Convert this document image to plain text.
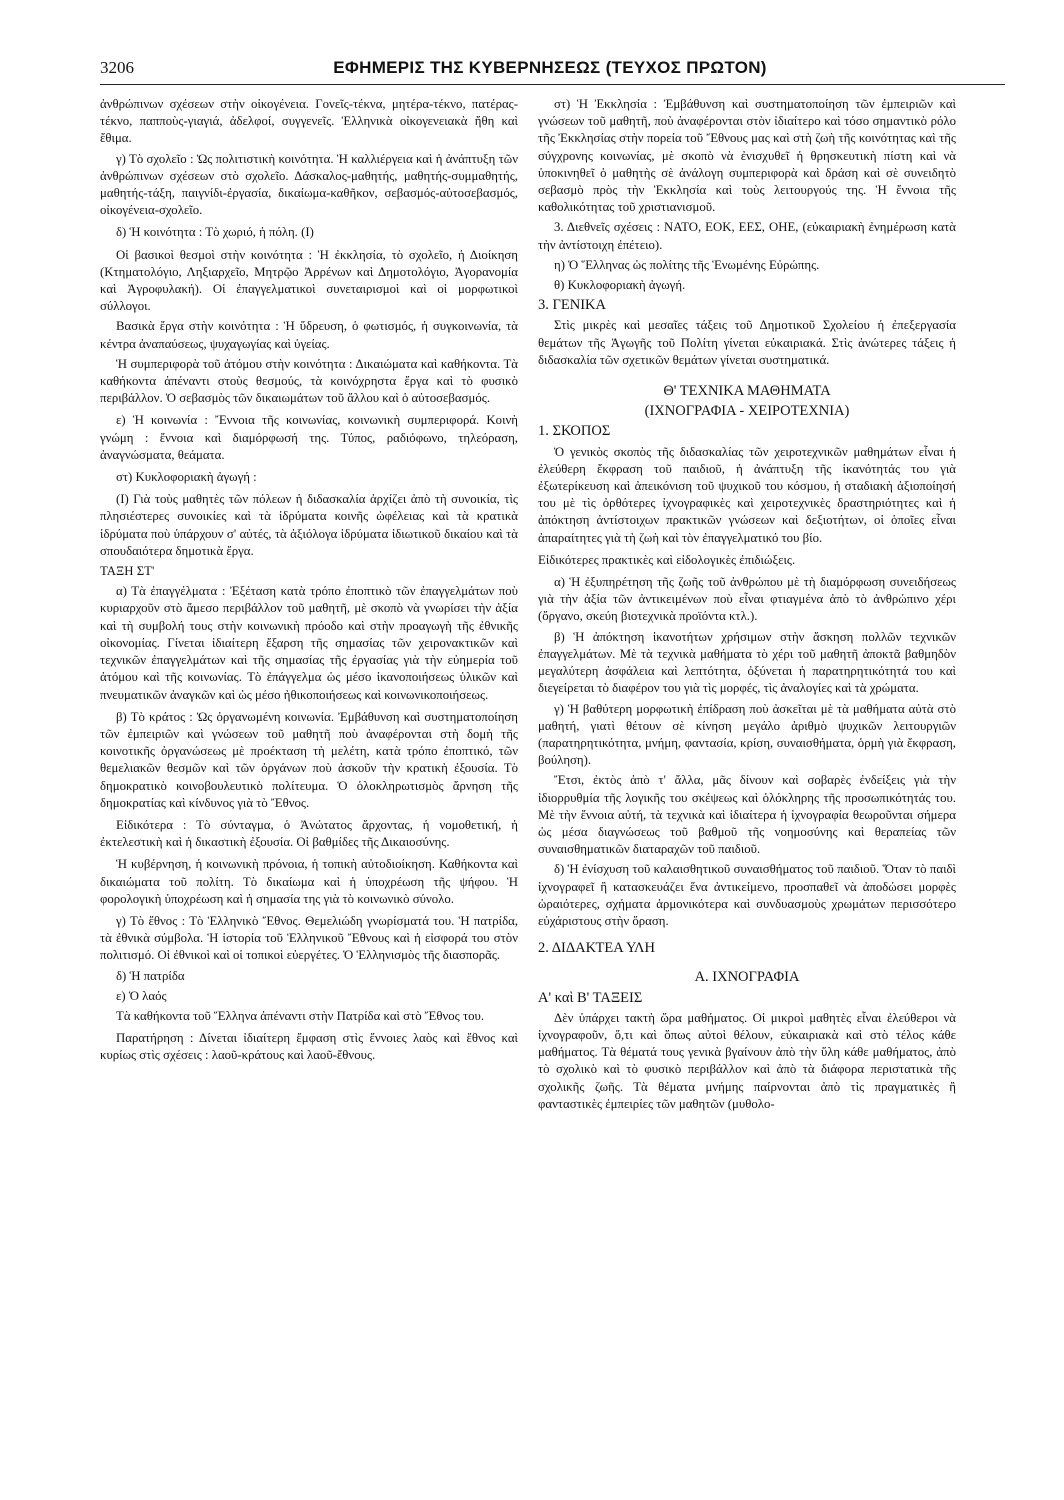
3206	ΕΦΗΜΕΡΙΣ ΤΗΣ ΚΥΒΕΡΝΗΣΕΩΣ (ΤΕΥΧΟΣ ΠΡΩΤΟΝ)

ἀνθρώπινων σχέσεων στὴν οἰκογένεια. Γονεῖς-τέκνα, μητέρα-τέκνο, πατέρας-τέκνο, παπποὺς-γιαγιά, ἀδελφοί, συγγενεῖς. Ἑλληνικὰ οἰκογενειακὰ ἤθη καὶ ἔθιμα.

γ) Τὸ σχολεῖο : Ὡς πολιτιστικὴ κοινότητα. Ἡ καλλιέργεια καὶ ἡ ἀνάπτυξη τῶν ἀνθρώπινων σχέσεων στὸ σχολεῖο. Δάσκαλος-μαθητής, μαθητής-συμμαθητής, μαθητής-τάξη, παιγνίδι-ἐργασία, δικαίωμα-καθῆκον, σεβασμός-αὐτοσεβασμός, οἰκογένεια-σχολεῖο.

δ) Ἡ κοινότητα : Τὸ χωριό, ἡ πόλη. (Ι)

Οἱ βασικοὶ θεσμοὶ στὴν κοινότητα : Ἡ ἐκκλησία, τὸ σχολεῖο, ἡ Διοίκηση (Κτηματολόγιο, Ληξιαρχεῖο, Μητρῷο Ἀρρένων καὶ Δημοτολόγιο, Ἀγορανομία καὶ Ἀγροφυλακή). Οἱ ἐπαγγελματικοὶ συνεταιρισμοὶ καὶ οἱ μορφωτικοὶ σύλλογοι.

Βασικὰ ἔργα στὴν κοινότητα : Ἡ ὕδρευση, ὁ φωτισμός, ἡ συγκοινωνία, τὰ κέντρα ἀναπαύσεως, ψυχαγωγίας καὶ ὑγείας.

Ἡ συμπεριφορὰ τοῦ ἀτόμου στὴν κοινότητα : Δικαιώματα καὶ καθήκοντα. Τὰ καθήκοντα ἀπέναντι στοὺς θεσμούς, τὰ κοινόχρηστα ἔργα καὶ τὸ φυσικὸ περιβάλλον. Ὁ σεβασμὸς τῶν δικαιωμάτων τοῦ ἄλλου καὶ ὁ αὐτοσεβασμός.

ε) Ἡ κοινωνία : Ἔννοια τῆς κοινωνίας, κοινωνικὴ συμπεριφορά. Κοινὴ γνώμη : ἔννοια καὶ διαμόρφωσή της. Τύπος, ραδιόφωνο, τηλεόραση, ἀναγνώσματα, θεάματα.

στ) Κυκλοφοριακὴ ἀγωγή :

(Ι) Γιὰ τοὺς μαθητὲς τῶν πόλεων ἡ διδασκαλία ἀρχίζει ἀπὸ τὴ συνοικία, τὶς πλησιέστερες συνοικίες καὶ τὰ ἱδρύματα κοινῆς ὠφέλειας καὶ τὰ κρατικὰ ἱδρύματα ποὺ ὑπάρχουν σ' αὐτές, τὰ ἀξιόλογα ἱδρύματα ἰδιωτικοῦ δικαίου καὶ τὰ σπουδαιότερα δημοτικὰ ἔργα.

ΤΑΞΗ ΣΤ'

α) Τὰ ἐπαγγέλματα : Ἐξέταση κατὰ τρόπο ἐποπτικὸ τῶν ἐπαγγελμάτων ποὺ κυριαρχοῦν στὸ ἄμεσο περιβάλλον τοῦ μαθητῆ, μὲ σκοπὸ νὰ γνωρίσει τὴν ἀξία καὶ τὴ συμβολή τους στὴν κοινωνικὴ πρόοδο καὶ στὴν προαγωγὴ τῆς ἐθνικῆς οἰκονομίας. Γίνεται ἰδιαίτερη ἔξαρση τῆς σημασίας τῶν χειρονακτικῶν καὶ τεχνικῶν ἐπαγγελμάτων καὶ τῆς σημασίας τῆς ἐργασίας γιὰ τὴν εὐημερία τοῦ ἀτόμου καὶ τῆς κοινωνίας. Τὸ ἐπάγγελμα ὡς μέσο ἱκανοποιήσεως ὑλικῶν καὶ πνευματικῶν ἀναγκῶν καὶ ὡς μέσο ἠθικοποιήσεως καὶ κοινωνικοποιήσεως.

β) Τὸ κράτος : Ὡς ὀργανωμένη κοινωνία. Ἐμβάθυνση καὶ συστηματοποίηση τῶν ἐμπειριῶν καὶ γνώσεων τοῦ μαθητῆ ποὺ ἀναφέρονται στὴ δομὴ τῆς κοινοτικῆς ὀργανώσεως μὲ προέκταση τὴ μελέτη, κατὰ τρόπο ἐποπτικό, τῶν θεμελιακῶν θεσμῶν καὶ τῶν ὀργάνων ποὺ ἀσκοῦν τὴν κρατικὴ ἐξουσία. Τὸ δημοκρατικὸ κοινοβουλευτικὸ πολίτευμα. Ὁ ὁλοκληρωτισμὸς ἄρνηση τῆς δημοκρατίας καὶ κίνδυνος γιὰ τὸ Ἔθνος.

Εἰδικότερα : Τὸ σύνταγμα, ὁ Ἀνώτατος ἄρχοντας, ἡ νομοθετική, ἡ ἐκτελεστικὴ καὶ ἡ δικαστικὴ ἐξουσία. Οἱ βαθμίδες τῆς Δικαιοσύνης.

Ἡ κυβέρνηση, ἡ κοινωνικὴ πρόνοια, ἡ τοπικὴ αὐτοδιοίκηση. Καθήκοντα καὶ δικαιώματα τοῦ πολίτη. Τὸ δικαίωμα καὶ ἡ ὑποχρέωση τῆς ψήφου. Ἡ φορολογικὴ ὑποχρέωση καὶ ἡ σημασία της γιὰ τὸ κοινωνικὸ σύνολο.

γ) Τὸ ἔθνος : Τὸ Ἑλληνικὸ Ἔθνος. Θεμελιώδη γνωρίσματά του. Ἡ πατρίδα, τὰ ἐθνικὰ σύμβολα. Ἡ ἱστορία τοῦ Ἑλληνικοῦ Ἔθνους καὶ ἡ εἰσφορά του στὸν πολιτισμό. Οἱ ἐθνικοὶ καὶ οἱ τοπικοὶ εὐεργέτες. Ὁ Ἑλληνισμὸς τῆς διασπορᾶς.

δ) Ἡ πατρίδα

ε) Ὁ λαός

Τὰ καθήκοντα τοῦ Ἕλληνα ἀπέναντι στὴν Πατρίδα καὶ στὸ Ἔθνος του.

Παρατήρηση : Δίνεται ἰδιαίτερη ἔμφαση στὶς ἔννοιες λαὸς καὶ ἔθνος καὶ κυρίως στὶς σχέσεις : λαοῦ-κράτους καὶ λαοῦ-ἔθνους.

στ) Ἡ Ἐκκλησία : Ἐμβάθυνση καὶ συστηματοποίηση τῶν ἐμπειριῶν καὶ γνώσεων τοῦ μαθητῆ, ποὺ ἀναφέρονται στὸν ἰδιαίτερο καὶ τόσο σημαντικὸ ρόλο τῆς Ἐκκλησίας στὴν πορεία τοῦ Ἔθνους μας καὶ στὴ ζωὴ τῆς κοινότητας καὶ τῆς σύγχρονης κοινωνίας, μὲ σκοπὸ νὰ ἐνισχυθεῖ ἡ θρησκευτικὴ πίστη καὶ νὰ ὑποκινηθεῖ ὁ μαθητὴς σὲ ἀνάλογη συμπεριφορὰ καὶ δράση καὶ σὲ συνειδητὸ σεβασμὸ πρὸς τὴν Ἐκκλησία καὶ τοὺς λειτουργούς της. Ἡ ἔννοια τῆς καθολικότητας τοῦ χριστιανισμοῦ.

3. Διεθνεῖς σχέσεις : ΝΑΤΟ, ΕΟΚ, ΕΕΣ, ΟΗΕ, (εὐκαιριακὴ ἐνημέρωση κατὰ τὴν ἀντίστοιχη ἐπέτειο).

η) Ὁ Ἕλληνας ὡς πολίτης τῆς Ἑνωμένης Εὐρώπης.

θ) Κυκλοφοριακὴ ἀγωγή.

3. ΓΕΝΙΚΑ

Στὶς μικρὲς καὶ μεσαῖες τάξεις τοῦ Δημοτικοῦ Σχολείου ἡ ἐπεξεργασία θεμάτων τῆς Ἀγωγῆς τοῦ Πολίτη γίνεται εὐκαιριακά. Στὶς ἀνώτερες τάξεις ἡ διδασκαλία τῶν σχετικῶν θεμάτων γίνεται συστηματικά.

Θ' ΤΕΧΝΙΚΑ ΜΑΘΗΜΑΤΑ

(ΙΧΝΟΓΡΑΦΙΑ - ΧΕΙΡΟΤΕΧΝΙΑ)

1. ΣΚΟΠΟΣ

Ὁ γενικὸς σκοπὸς τῆς διδασκαλίας τῶν χειροτεχνικῶν μαθημάτων εἶναι ἡ ἐλεύθερη ἔκφραση τοῦ παιδιοῦ, ἡ ἀνάπτυξη τῆς ἱκανότητάς του γιὰ ἐξωτερίκευση καὶ ἀπεικόνιση τοῦ ψυχικοῦ του κόσμου, ἡ σταδιακὴ ἀξιοποίησή του μὲ τὶς ὀρθότερες ἰχνογραφικὲς καὶ χειροτεχνικὲς δραστηριότητες καὶ ἡ ἀπόκτηση ἀντίστοιχων πρακτικῶν γνώσεων καὶ δεξιοτήτων, οἱ ὁποῖες εἶναι ἀπαραίτητες γιὰ τὴ ζωὴ καὶ τὸν ἐπαγγελματικό του βίο.

Εἰδικότερες πρακτικὲς καὶ εἰδολογικὲς ἐπιδιώξεις.

α) Ἡ ἐξυπηρέτηση τῆς ζωῆς τοῦ ἀνθρώπου μὲ τὴ διαμόρφωση συνειδήσεως γιὰ τὴν ἀξία τῶν ἀντικειμένων ποὺ εἶναι φτιαγμένα ἀπὸ τὸ ἀνθρώπινο χέρι (ὄργανο, σκεύη βιοτεχνικὰ προϊόντα κτλ.).

β) Ἡ ἀπόκτηση ἱκανοτήτων χρήσιμων στὴν ἄσκηση πολλῶν τεχνικῶν ἐπαγγελμάτων. Μὲ τὰ τεχνικὰ μαθήματα τὸ χέρι τοῦ μαθητῆ ἀποκτᾶ βαθμηδὸν μεγαλύτερη ἀσφάλεια καὶ λεπτότητα, ὀξύνεται ἡ παρατηρητικότητά του καὶ διεγείρεται τὸ διαφέρον του γιὰ τὶς μορφές, τὶς ἀναλογίες καὶ τὰ χρώματα.

γ) Ἡ βαθύτερη μορφωτικὴ ἐπίδραση ποὺ ἀσκεῖται μὲ τὰ μαθήματα αὐτὰ στὸ μαθητή, γιατὶ θέτουν σὲ κίνηση μεγάλο ἀριθμὸ ψυχικῶν λειτουργιῶν (παρατηρητικότητα, μνήμη, φαντασία, κρίση, συναισθήματα, ὁρμὴ γιὰ ἔκφραση, βούληση).

Ἔτσι, ἐκτὸς ἀπὸ τ' ἄλλα, μᾶς δίνουν καὶ σοβαρὲς ἐνδείξεις γιὰ τὴν ἰδιορρυθμία τῆς λογικῆς του σκέψεως καὶ ὁλόκληρης τῆς προσωπικότητάς του. Μὲ τὴν ἔννοια αὐτή, τὰ τεχνικὰ καὶ ἰδιαίτερα ἡ ἰχνογραφία θεωροῦνται σήμερα ὡς μέσα διαγνώσεως τοῦ βαθμοῦ τῆς νοημοσύνης καὶ θεραπείας τῶν συναισθηματικῶν διαταραχῶν τοῦ παιδιοῦ.

δ) Ἡ ἐνίσχυση τοῦ καλαισθητικοῦ συναισθήματος τοῦ παιδιοῦ. Ὅταν τὸ παιδὶ ἰχνογραφεῖ ἢ κατασκευάζει ἕνα ἀντικείμενο, προσπαθεῖ νὰ ἀποδώσει μορφὲς ὡραιότερες, σχήματα ἁρμονικότερα καὶ συνδυασμοὺς χρωμάτων περισσότερο εὐχάριστους στὴν ὅραση.

2. ΔΙΔΑΚΤΕΑ ΥΛΗ

Α. ΙΧΝΟΓΡΑΦΙΑ

Α' καὶ Β' ΤΑΞΕΙΣ

Δὲν ὑπάρχει τακτὴ ὥρα μαθήματος. Οἱ μικροὶ μαθητὲς εἶναι ἐλεύθεροι νὰ ἰχνογραφοῦν, ὅ,τι καὶ ὅπως αὐτοὶ θέλουν, εὐκαιριακὰ καὶ στὸ τέλος κάθε μαθήματος. Τὰ θέματά τους γενικὰ βγαίνουν ἀπὸ τὴν ὕλη κάθε μαθήματος, ἀπὸ τὸ σχολικὸ καὶ τὸ φυσικὸ περιβάλλον καὶ ἀπὸ τὰ διάφορα περιστατικὰ τῆς σχολικῆς ζωῆς. Τὰ θέματα μνήμης παίρνονται ἀπὸ τὶς πραγματικὲς ἢ φανταστικὲς ἐμπειρίες τῶν μαθητῶν (μυθολο-
